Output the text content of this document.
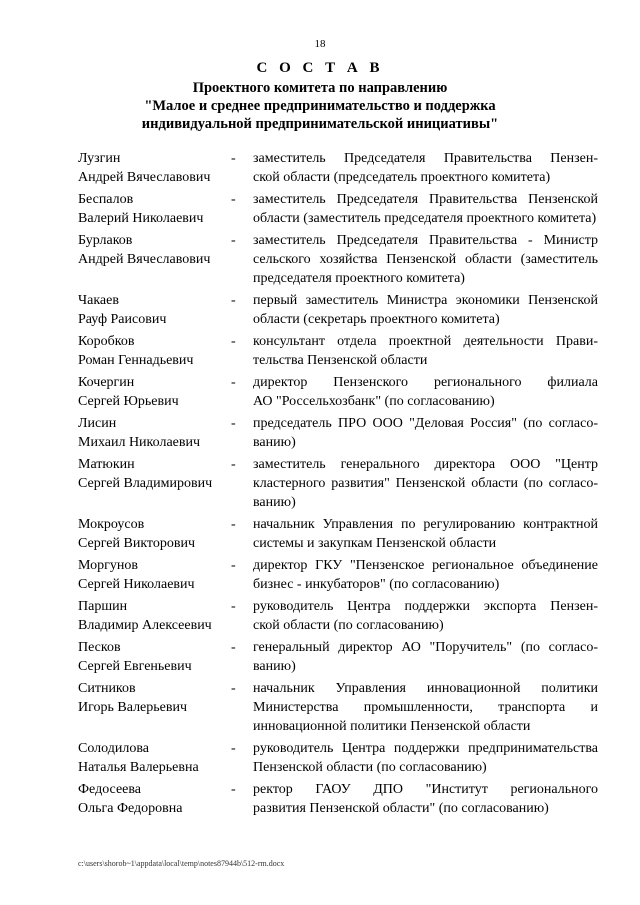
18
С О С Т А В
Проектного комитета по направлению
"Малое и среднее предпринимательство и поддержка
индивидуальной предпринимательской инициативы"
Лузгин	-	заместитель Председателя Правительства Пензен-
Андрей Вячеславович	ской области (председатель проектного комитета)
Беспалов	-	заместитель Председателя Правительства Пензенской
Валерий Николаевич	области (заместитель председателя проектного комитета)
Бурлаков	-	заместитель Председателя Правительства - Министр
Андрей Вячеславович	сельского хозяйства Пензенской области (заместитель
председателя проектного комитета)
Чакаев	-	первый заместитель Министра экономики Пензенской
Рауф Раисович	области (секретарь проектного комитета)
Коробков	-	консультант отдела проектной деятельности Прави-
Роман Геннадьевич	тельства Пензенской области
Кочергин	-	директор Пензенского регионального филиала
Сергей Юрьевич	АО "Россельхозбанк" (по согласованию)
Лисин	-	председатель ПРО ООО "Деловая Россия" (по согласо-
Михаил Николаевич	ванию)
Матюкин	-	заместитель генерального директора ООО "Центр
Сергей Владимирович	кластерного развития" Пензенской области (по согласо-
ванию)
Мокроусов	-	начальник Управления по регулированию контрактной
Сергей Викторович	системы и закупкам Пензенской области
Моргунов	-	директор ГКУ "Пензенское региональное объединение
Сергей Николаевич	бизнес - инкубаторов" (по согласованию)
Паршин	-	руководитель Центра поддержки экспорта Пензен-
Владимир Алексеевич	ской области (по согласованию)
Песков	-	генеральный директор АО "Поручитель" (по согласо-
Сергей Евгеньевич	ванию)
Ситников	-	начальник Управления инновационной политики
Игорь Валерьевич	Министерства промышленности, транспорта и
инновационной политики Пензенской области
Солодилова	-	руководитель Центра поддержки предпринимательства
Наталья Валерьевна	Пензенской области (по согласованию)
Федосеева	-	ректор ГАОУ ДПО "Институт регионального
Ольга Федоровна	развития Пензенской области" (по согласованию)
c:\users\shorob~1\appdata\local\temp\notes87944b\512-rm.docx
